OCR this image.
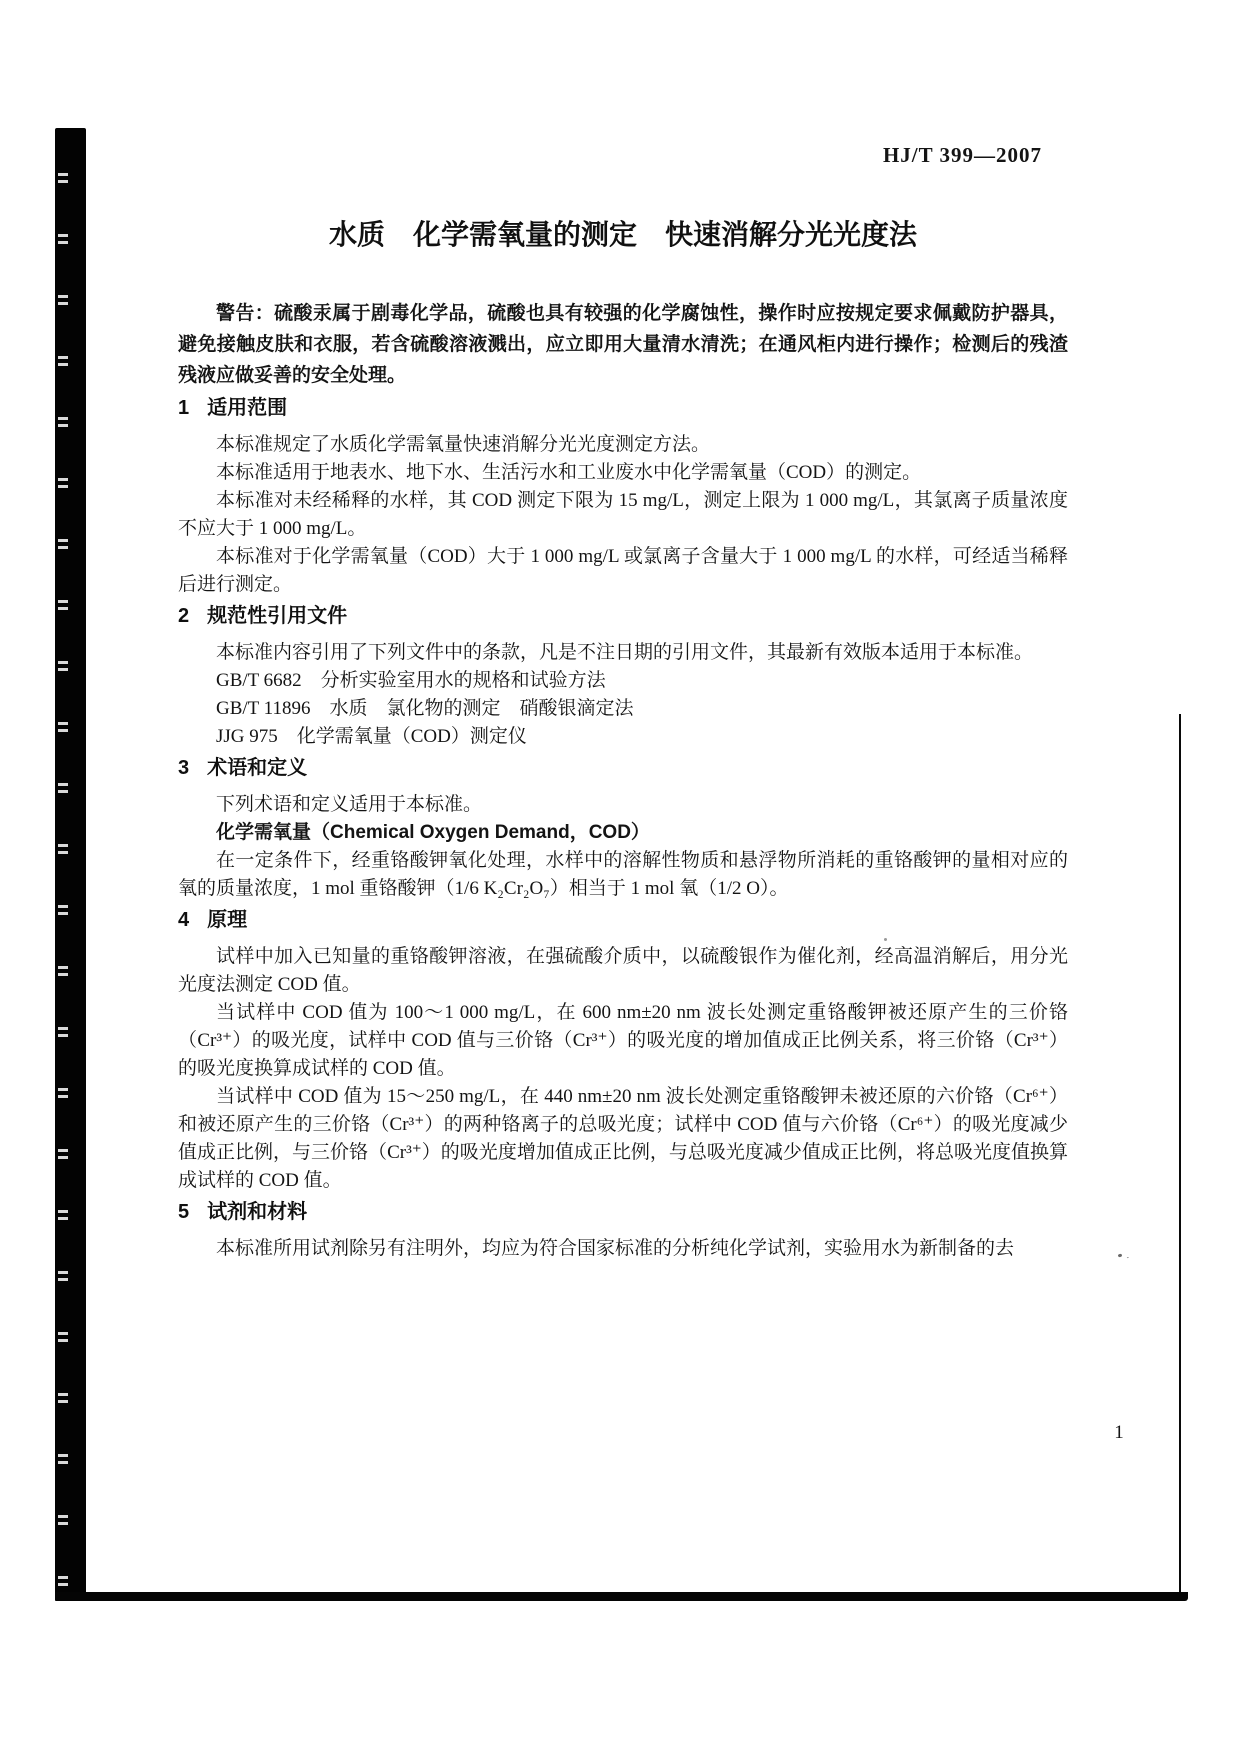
HJ/T 399—2007
水质　化学需氧量的测定　快速消解分光光度法

警告：硫酸汞属于剧毒化学品，硫酸也具有较强的化学腐蚀性，操作时应按规定要求佩戴防护器具，避免接触皮肤和衣服，若含硫酸溶液溅出，应立即用大量清水清洗；在通风柜内进行操作；检测后的残渣残液应做妥善的安全处理。

1 适用范围

本标准规定了水质化学需氧量快速消解分光光度测定方法。

本标准适用于地表水、地下水、生活污水和工业废水中化学需氧量（COD）的测定。

本标准对未经稀释的水样，其 COD 测定下限为 15 mg/L，测定上限为 1 000 mg/L，其氯离子质量浓度不应大于 1 000 mg/L。

本标准对于化学需氧量（COD）大于 1 000 mg/L 或氯离子含量大于 1 000 mg/L 的水样，可经适当稀释后进行测定。

2 规范性引用文件

本标准内容引用了下列文件中的条款，凡是不注日期的引用文件，其最新有效版本适用于本标准。

GB/T 6682　分析实验室用水的规格和试验方法

GB/T 11896　水质　氯化物的测定　硝酸银滴定法

JJG 975　化学需氧量（COD）测定仪

3 术语和定义

下列术语和定义适用于本标准。

化学需氧量（Chemical Oxygen Demand，COD）

在一定条件下，经重铬酸钾氧化处理，水样中的溶解性物质和悬浮物所消耗的重铬酸钾的量相对应的氧的质量浓度，1 mol 重铬酸钾（1/6 K₂Cr₂O₇）相当于 1 mol 氧（1/2 O）。

4 原理

试样中加入已知量的重铬酸钾溶液，在强硫酸介质中，以硫酸银作为催化剂，经高温消解后，用分光光度法测定 COD 值。

当试样中 COD 值为 100～1 000 mg/L，在 600 nm±20 nm 波长处测定重铬酸钾被还原产生的三价铬（Cr³⁺）的吸光度，试样中 COD 值与三价铬（Cr³⁺）的吸光度的增加值成正比例关系，将三价铬（Cr³⁺）的吸光度换算成试样的 COD 值。

当试样中 COD 值为 15～250 mg/L，在 440 nm±20 nm 波长处测定重铬酸钾未被还原的六价铬（Cr⁶⁺）和被还原产生的三价铬（Cr³⁺）的两种铬离子的总吸光度；试样中 COD 值与六价铬（Cr⁶⁺）的吸光度减少值成正比例，与三价铬（Cr³⁺）的吸光度增加值成正比例，与总吸光度减少值成正比例，将总吸光度值换算成试样的 COD 值。

5 试剂和材料

本标准所用试剂除另有注明外，均应为符合国家标准的分析纯化学试剂，实验用水为新制备的去

1
